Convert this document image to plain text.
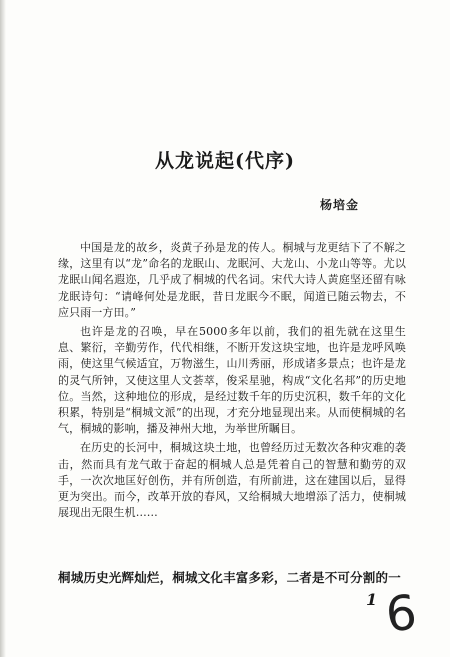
从龙说起(代序)
杨培金

中国是龙的故乡，炎黄子孙是龙的传人。桐城与龙更结下了不解之缘，这里有以“龙”命名的龙眠山、龙眠河、大龙山、小龙山等等。尤以龙眠山闻名遐迩，几乎成了桐城的代名词。宋代大诗人黄庭坚还留有咏龙眠诗句：“请峰何处是龙眠，昔日龙眠今不眠，闻道已随云物去，不应只雨一方田。”

也许是龙的召唤，早在5000多年以前，我们的祖先就在这里生息、繁衍，辛勤劳作，代代相继，不断开发这块宝地，也许是龙呼风唤雨，使这里气候适宜，万物滋生，山川秀丽，形成诸多景点；也许是龙的灵气所钟，又使这里人文荟萃，俊采星驰，构成“文化名邦”的历史地位。当然，这种地位的形成，是经过数千年的历史沉积，数千年的文化积累，特别是“桐城文派”的出现，才充分地显现出来。从而使桐城的名气，桐城的影响，播及神州大地，为举世所瞩目。

在历史的长河中，桐城这块土地，也曾经历过无数次各种灾难的袭击，然而具有龙气敢于奋起的桐城人总是凭着自己的智慧和勤劳的双手，一次次地匡好创伤，并有所创造，有所前进，这在建国以后，显得更为突出。而今，改革开放的春风，又给桐城大地增添了活力，使桐城展现出无限生机……

桐城历史光辉灿烂，桐城文化丰富多彩，二者是不可分割的一
1 6
